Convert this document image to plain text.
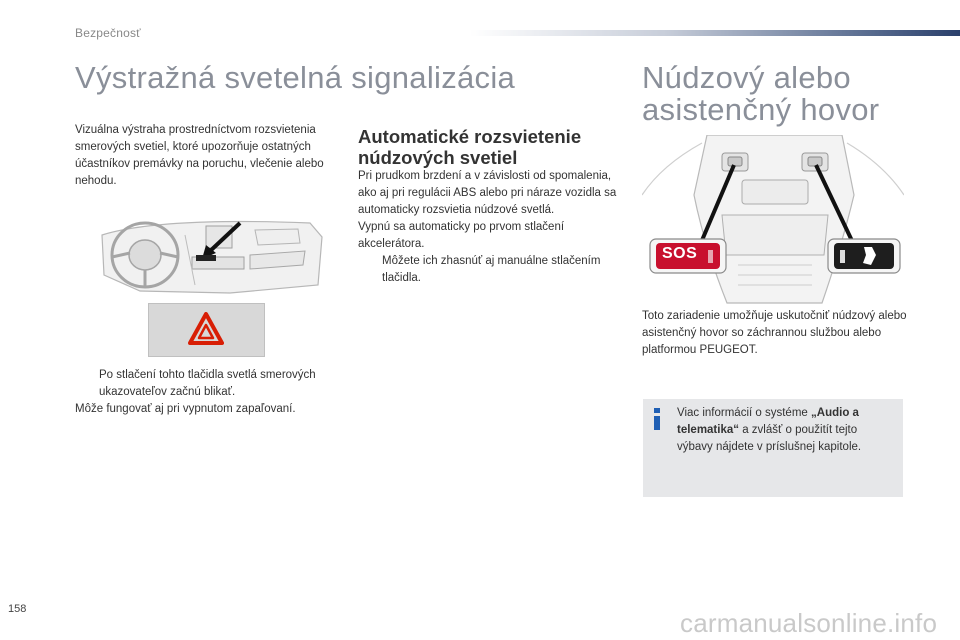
Bezpečnosť
Výstražná svetelná signalizácia
Vizuálna výstraha prostredníctvom rozsvietenia smerových svetiel, ktoré upozorňuje ostatných účastníkov premávky na poruchu, vlečenie alebo nehodu.
Po stlačení tohto tlačidla svetlá smerových ukazovateľov začnú blikať.
Môže fungovať aj pri vypnutom zapaľovaní.
Automatické rozsvietenie
núdzových svetiel
Pri prudkom brzdení a v závislosti od spomalenia, ako aj pri regulácii ABS alebo pri náraze vozidla sa automaticky rozsvietia núdzové svetlá.
Vypnú sa automaticky po prvom stlačení akcelerátora.
Môžete ich zhasnúť aj manuálne stlačením tlačidla.
Núdzový alebo
asistenčný hovor
SOS
Toto zariadenie umožňuje uskutočniť núdzový alebo asistenčný hovor so záchrannou službou alebo platformou PEUGEOT.
Viac informácií o systéme „Audio a telematika“ a zvlášť o použitít tejto výbavy nájdete v príslušnej kapitole.
158	carmanualsonline.info
